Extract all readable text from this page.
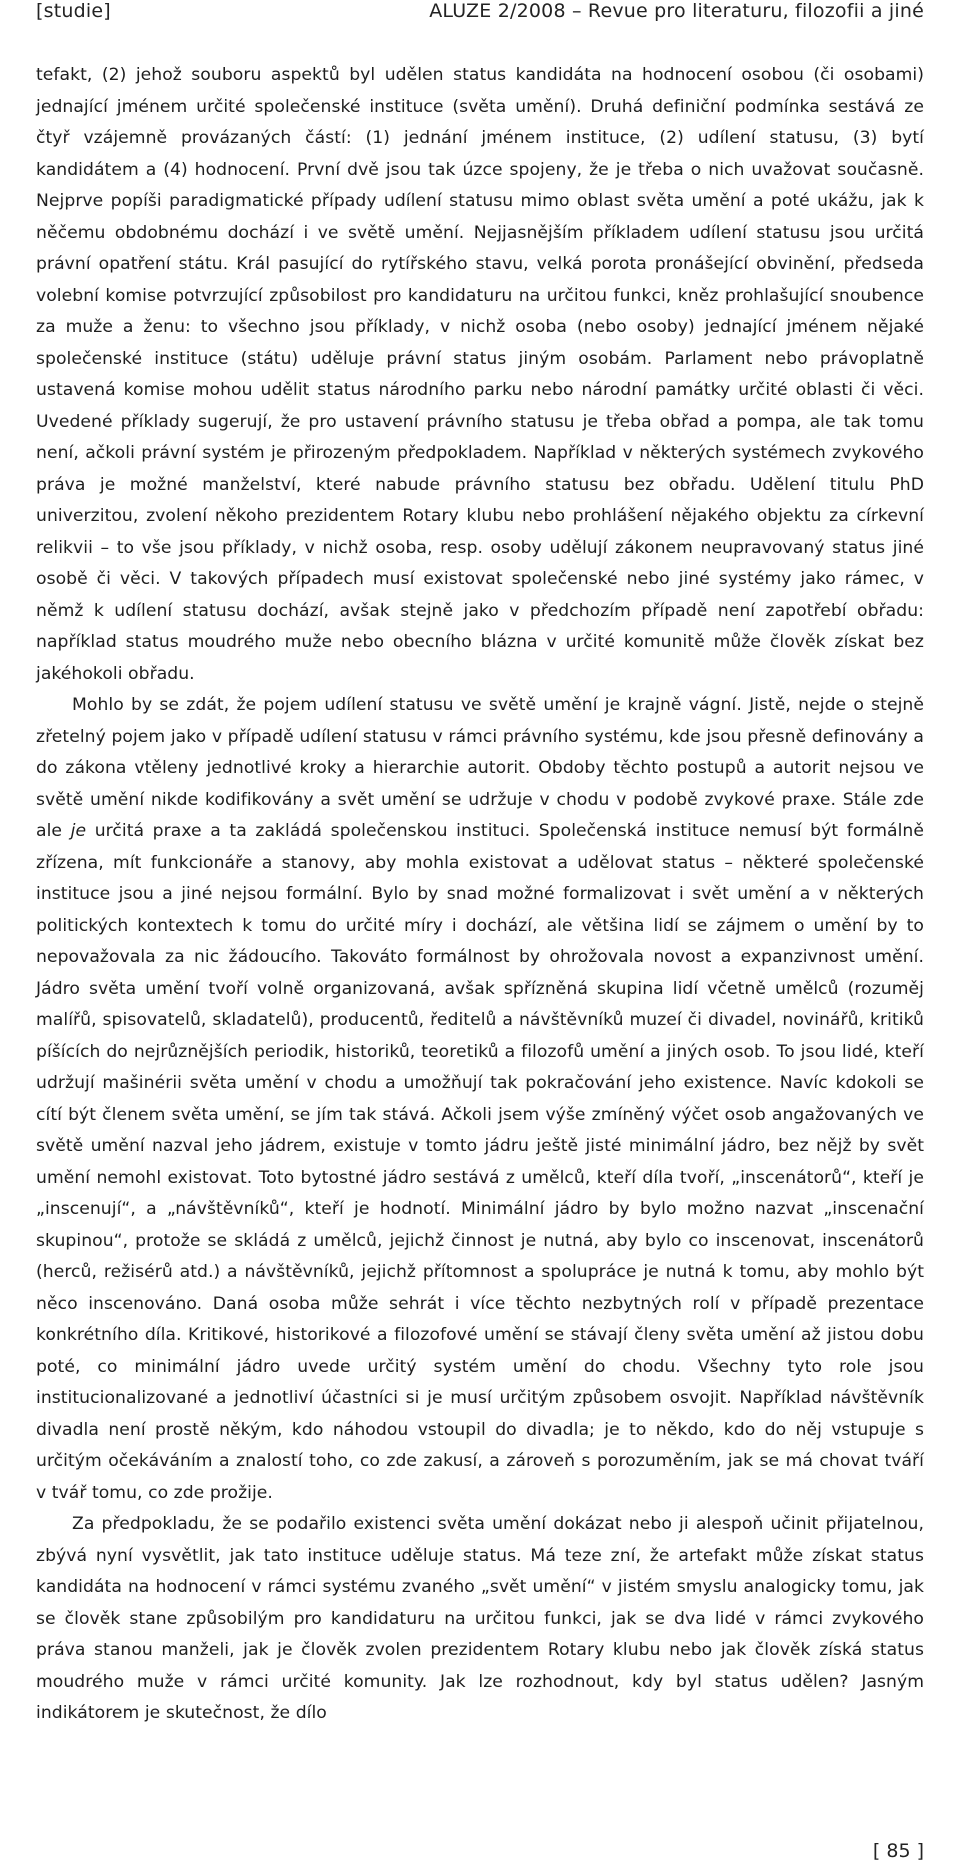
[studie]	ALUZE 2/2008 – Revue pro literaturu, filozofii a jiné

tefakt, (2) jehož souboru aspektů byl udělen status kandidáta na hodnocení osobou (či osobami) jednající jménem určité společenské instituce (světa umění). Druhá definiční podmínka sestává ze čtyř vzájemně provázaných částí: (1) jednání jménem instituce, (2) udílení statusu, (3) bytí kandidátem a (4) hodnocení. První dvě jsou tak úzce spojeny, že je třeba o nich uvažovat současně. Nejprve popíši paradigmatické případy udílení statusu mimo oblast světa umění a poté ukážu, jak k něčemu obdobnému dochází i ve světě umění. Nejjasnějším příkladem udílení statusu jsou určitá právní opatření státu. Král pasující do rytířského stavu, velká porota pronášející obvinění, předseda volební komise potvrzující způsobilost pro kandidaturu na určitou funkci, kněz prohlašující snoubence za muže a ženu: to všechno jsou příklady, v nichž osoba (nebo osoby) jednající jménem nějaké společenské instituce (státu) uděluje právní status jiným osobám. Parlament nebo právoplatně ustavená komise mohou udělit status národního parku nebo národní památky určité oblasti či věci. Uvedené příklady sugerují, že pro ustavení právního statusu je třeba obřad a pompa, ale tak tomu není, ačkoli právní systém je přirozeným předpokladem. Například v některých systémech zvykového práva je možné manželství, které nabude právního statusu bez obřadu. Udělení titulu PhD univerzitou, zvolení někoho prezidentem Rotary klubu nebo prohlášení nějakého objektu za církevní relikvii – to vše jsou příklady, v nichž osoba, resp. osoby udělují zákonem neupravovaný status jiné osobě či věci. V takových případech musí existovat společenské nebo jiné systémy jako rámec, v němž k udílení statusu dochází, avšak stejně jako v předchozím případě není zapotřebí obřadu: například status moudrého muže nebo obecního blázna v určité komunitě může člověk získat bez jakéhokoli obřadu.

Mohlo by se zdát, že pojem udílení statusu ve světě umění je krajně vágní. Jistě, nejde o stejně zřetelný pojem jako v případě udílení statusu v rámci právního systému, kde jsou přesně definovány a do zákona vtěleny jednotlivé kroky a hierarchie autorit. Obdoby těchto postupů a autorit nejsou ve světě umění nikde kodifikovány a svět umění se udržuje v chodu v podobě zvykové praxe. Stále zde ale je určitá praxe a ta zakládá společenskou instituci. Společenská instituce nemusí být formálně zřízena, mít funkcionáře a stanovy, aby mohla existovat a udělovat status – některé společenské instituce jsou a jiné nejsou formální. Bylo by snad možné formalizovat i svět umění a v některých politických kontextech k tomu do určité míry i dochází, ale většina lidí se zájmem o umění by to nepovažovala za nic žádoucího. Takováto formálnost by ohrožovala novost a expanzivnost umění. Jádro světa umění tvoří volně organizovaná, avšak spřízněná skupina lidí včetně umělců (rozuměj malířů, spisovatelů, skladatelů), producentů, ředitelů a návštěvníků muzeí či divadel, novinářů, kritiků píšících do nejrůznějších periodik, historiků, teoretiků a filozofů umění a jiných osob. To jsou lidé, kteří udržují mašinérii světa umění v chodu a umožňují tak pokračování jeho existence. Navíc kdokoli se cítí být členem světa umění, se jím tak stává. Ačkoli jsem výše zmíněný výčet osob angažovaných ve světě umění nazval jeho jádrem, existuje v tomto jádru ještě jisté minimální jádro, bez nějž by svět umění nemohl existovat. Toto bytostné jádro sestává z umělců, kteří díla tvoří, „inscenátorů“, kteří je „inscenují“, a „návštěvníků“, kteří je hodnotí. Minimální jádro by bylo možno nazvat „inscenační skupinou“, protože se skládá z umělců, jejichž činnost je nutná, aby bylo co inscenovat, inscenátorů (herců, režisérů atd.) a návštěvníků, jejichž přítomnost a spolupráce je nutná k tomu, aby mohlo být něco inscenováno. Daná osoba může sehrát i více těchto nezbytných rolí v případě prezentace konkrétního díla. Kritikové, historikové a filozofové umění se stávají členy světa umění až jistou dobu poté, co minimální jádro uvede určitý systém umění do chodu. Všechny tyto role jsou institucionalizované a jednotliví účastníci si je musí určitým způsobem osvojit. Například návštěvník divadla není prostě někým, kdo náhodou vstoupil do divadla; je to někdo, kdo do něj vstupuje s určitým očekáváním a znalostí toho, co zde zakusí, a zároveň s porozuměním, jak se má chovat tváří v tvář tomu, co zde prožije.

Za předpokladu, že se podařilo existenci světa umění dokázat nebo ji alespoň učinit přijatelnou, zbývá nyní vysvětlit, jak tato instituce uděluje status. Má teze zní, že artefakt může získat status kandidáta na hodnocení v rámci systému zvaného „svět umění“ v jistém smyslu analogicky tomu, jak se člověk stane způsobilým pro kandidaturu na určitou funkci, jak se dva lidé v rámci zvykového práva stanou manželi, jak je člověk zvolen prezidentem Rotary klubu nebo jak člověk získá status moudrého muže v rámci určité komunity. Jak lze rozhodnout, kdy byl status udělen? Jasným indikátorem je skutečnost, že dílo

[ 85 ]
